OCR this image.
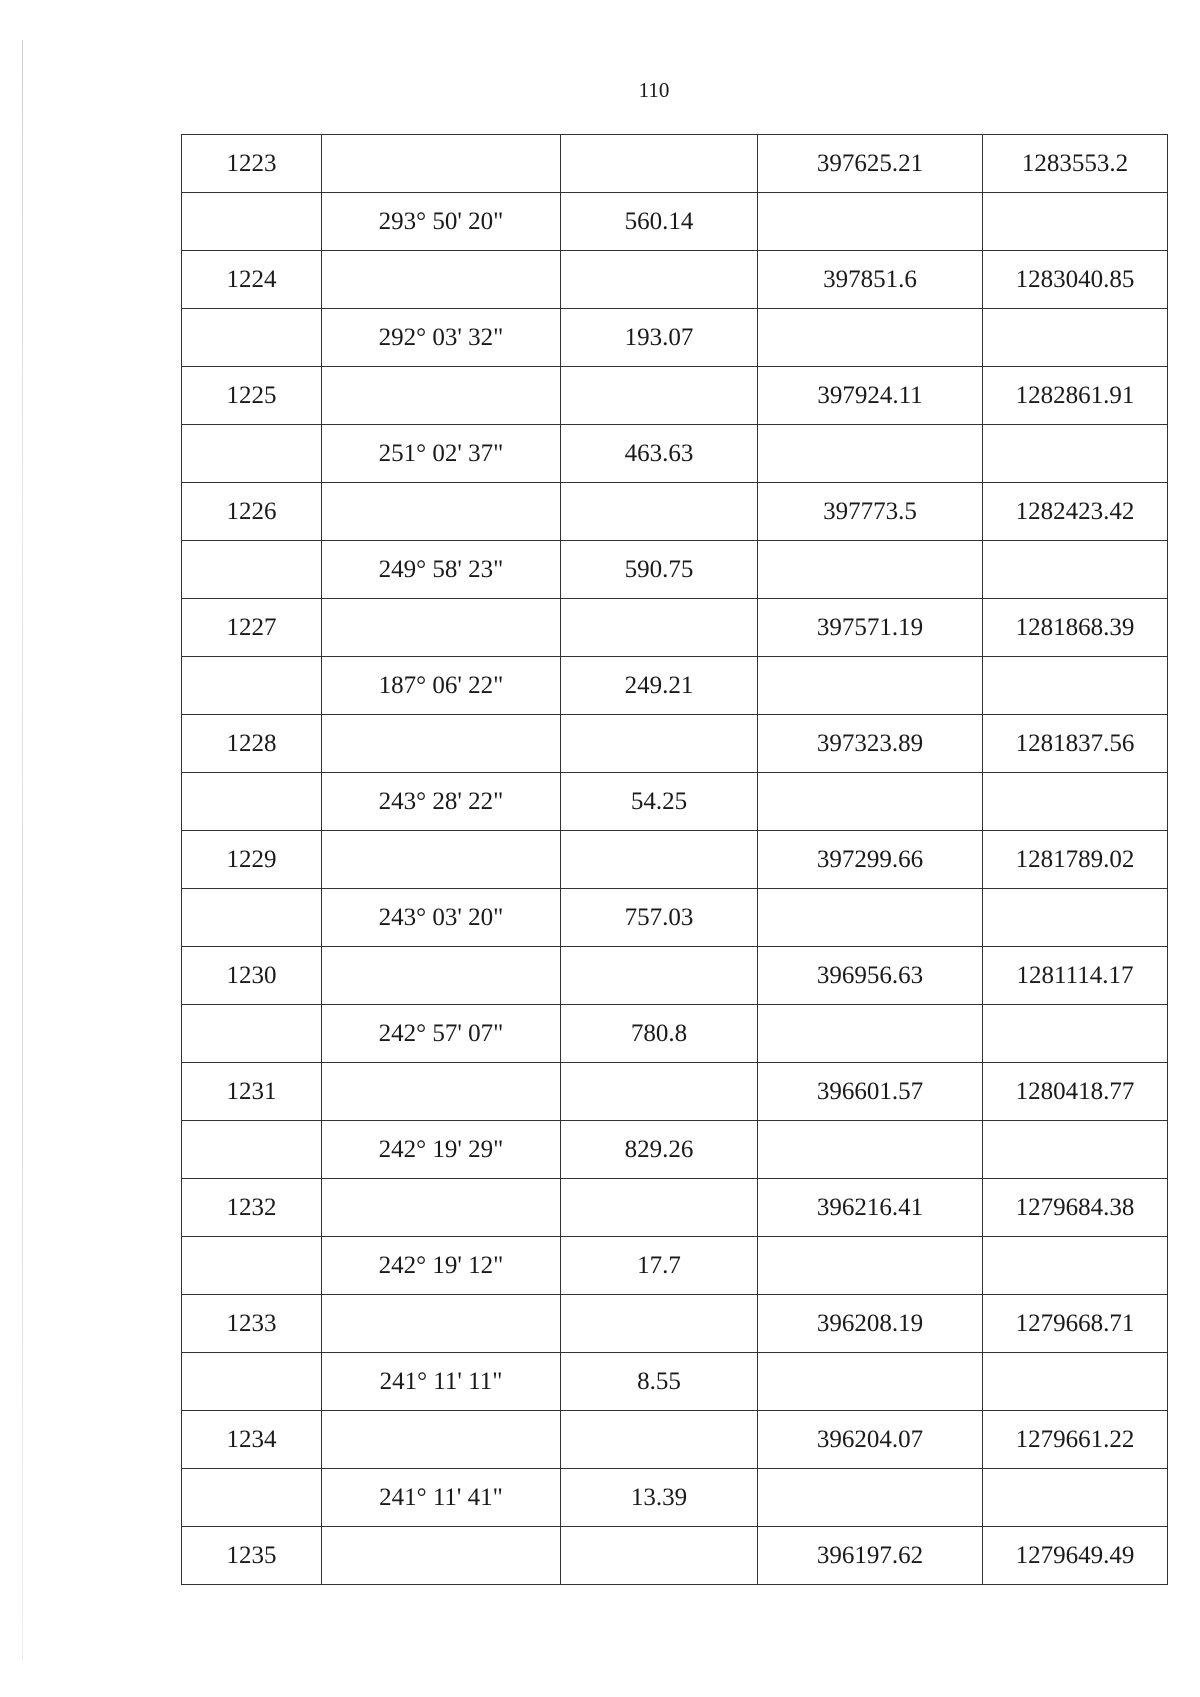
110
1223			397625.21	1283553.2
	293° 50' 20"	560.14		
1224			397851.6	1283040.85
	292° 03' 32"	193.07		
1225			397924.11	1282861.91
	251° 02' 37"	463.63		
1226			397773.5	1282423.42
	249° 58' 23"	590.75		
1227			397571.19	1281868.39
	187° 06' 22"	249.21		
1228			397323.89	1281837.56
	243° 28' 22"	54.25		
1229			397299.66	1281789.02
	243° 03' 20"	757.03		
1230			396956.63	1281114.17
	242° 57' 07"	780.8		
1231			396601.57	1280418.77
	242° 19' 29"	829.26		
1232			396216.41	1279684.38
	242° 19' 12"	17.7		
1233			396208.19	1279668.71
	241° 11' 11"	8.55		
1234			396204.07	1279661.22
	241° 11' 41"	13.39		
1235			396197.62	1279649.49
